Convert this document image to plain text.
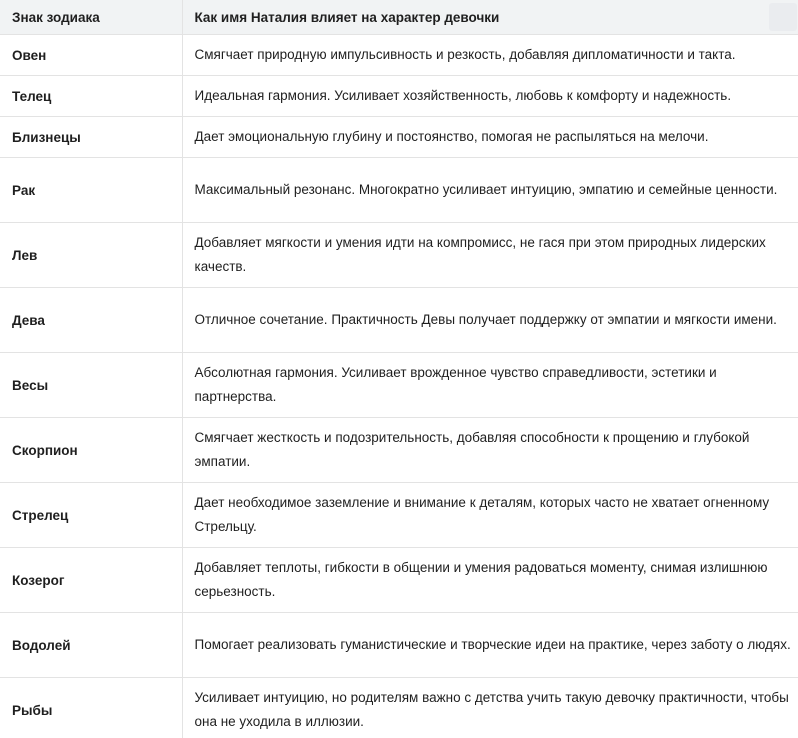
Знак зодиака	Как имя Наталия влияет на характер девочки
Овен	Смягчает природную импульсивность и резкость, добавляя дипломатичности и такта.
Телец	Идеальная гармония. Усиливает хозяйственность, любовь к комфорту и надежность.
Близнецы	Дает эмоциональную глубину и постоянство, помогая не распыляться на мелочи.
Рак	Максимальный резонанс. Многократно усиливает интуицию, эмпатию и семейные ценности.
Лев	Добавляет мягкости и умения идти на компромисс, не гася при этом природных лидерских качеств.
Дева	Отличное сочетание. Практичность Девы получает поддержку от эмпатии и мягкости имени.
Весы	Абсолютная гармония. Усиливает врожденное чувство справедливости, эстетики и партнерства.
Скорпион	Смягчает жесткость и подозрительность, добавляя способности к прощению и глубокой эмпатии.
Стрелец	Дает необходимое заземление и внимание к деталям, которых часто не хватает огненному Стрельцу.
Козерог	Добавляет теплоты, гибкости в общении и умения радоваться моменту, снимая излишнюю серьезность.
Водолей	Помогает реализовать гуманистические и творческие идеи на практике, через заботу о людях.
Рыбы	Усиливает интуицию, но родителям важно с детства учить такую девочку практичности, чтобы она не уходила в иллюзии.
